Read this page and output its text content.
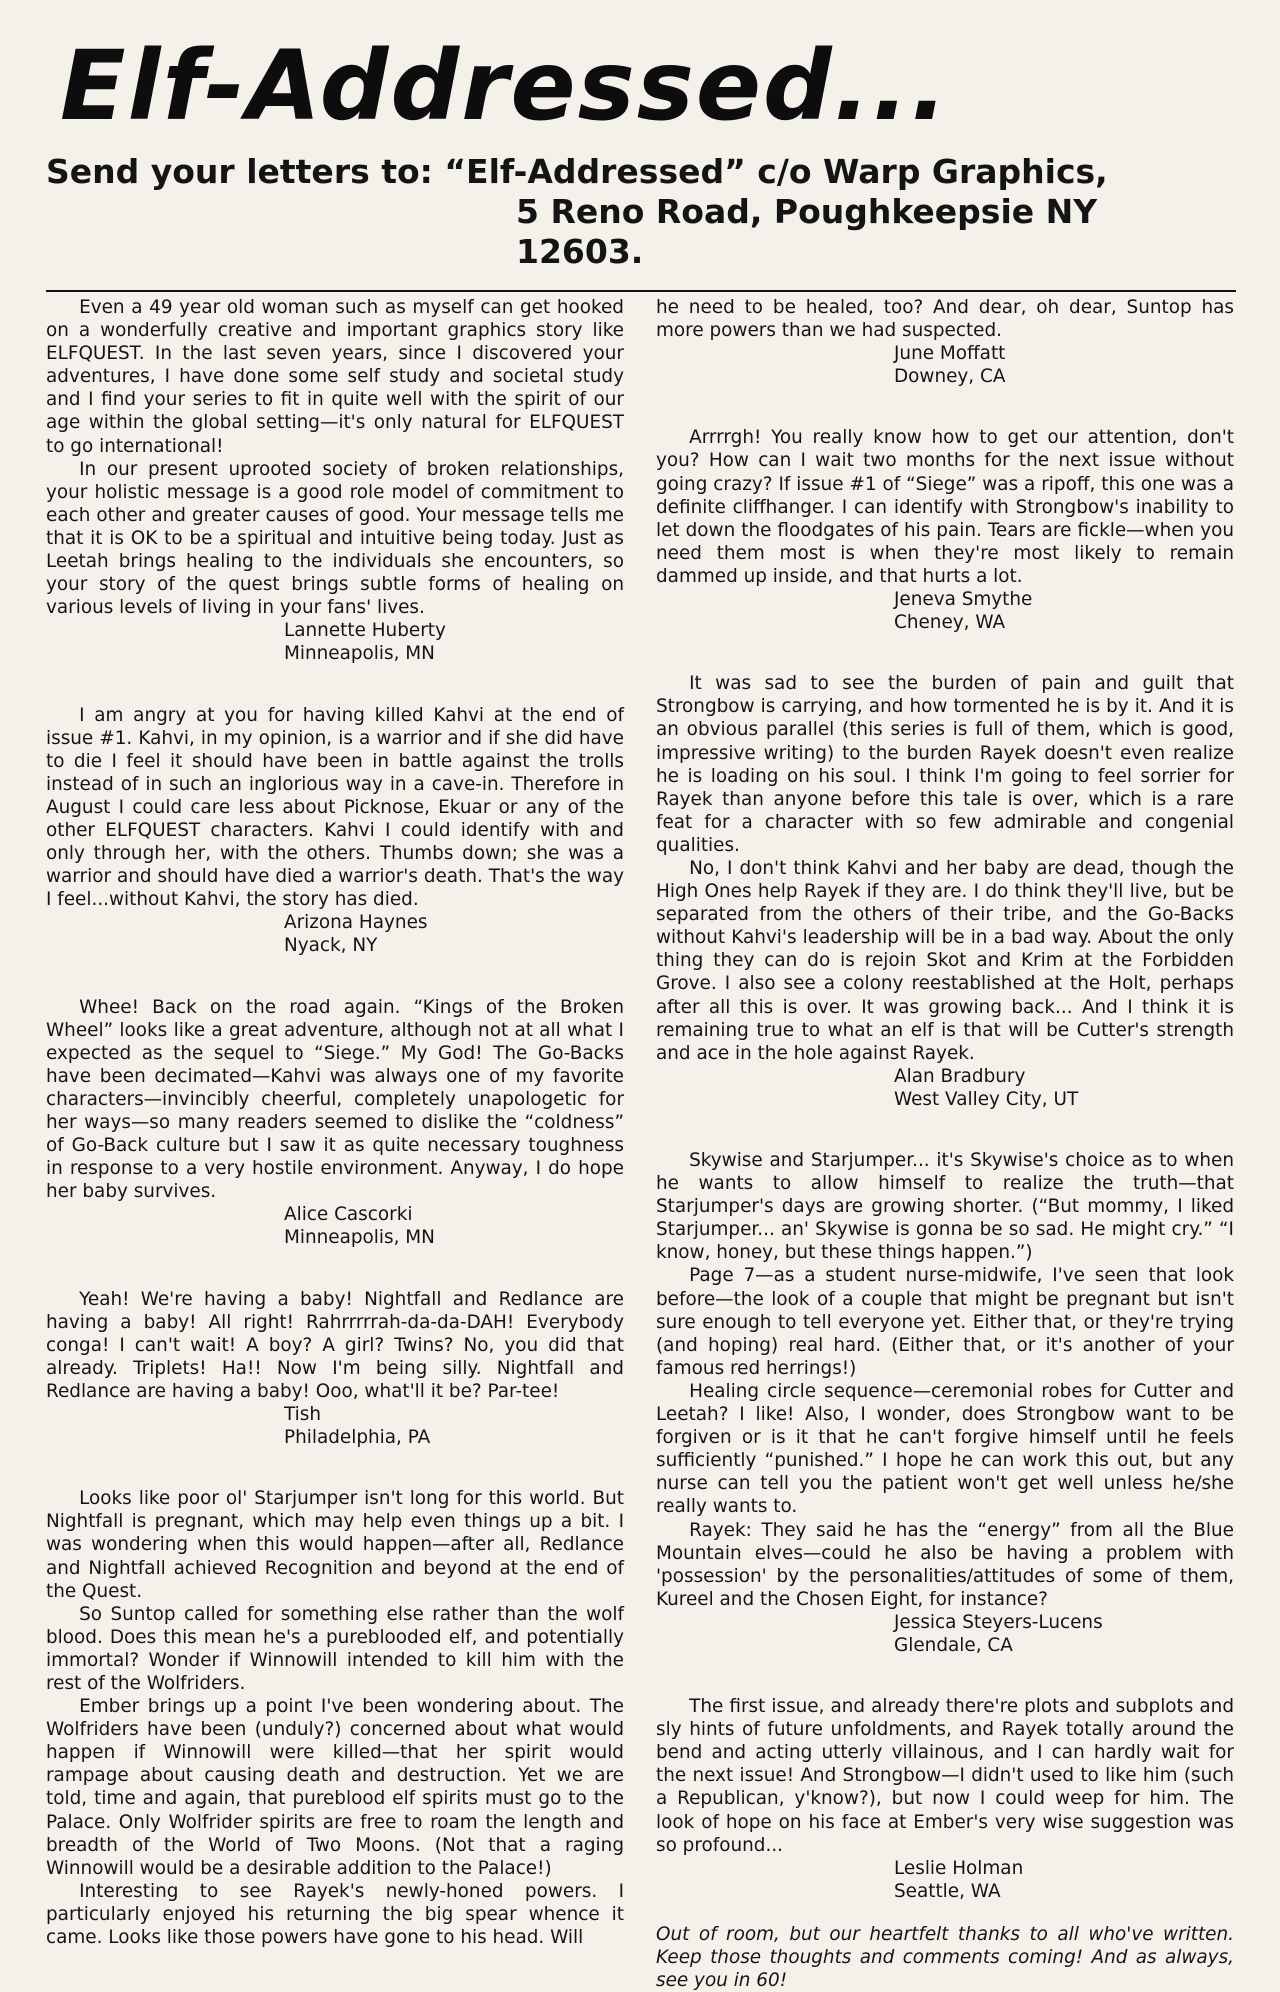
Elf-Addressed...
Send your letters to: “Elf-Addressed” c/o Warp Graphics,
5 Reno Road, Poughkeepsie NY 12603.

Even a 49 year old woman such as myself can get hooked on a wonderfully creative and important graphics story like ELFQUEST. In the last seven years, since I discovered your adventures, I have done some self study and societal study and I find your series to fit in quite well with the spirit of our age within the global setting—it's only natural for ELFQUEST to go international!

In our present uprooted society of broken relationships, your holistic message is a good role model of commitment to each other and greater causes of good. Your message tells me that it is OK to be a spiritual and intuitive being today. Just as Leetah brings healing to the individuals she encounters, so your story of the quest brings subtle forms of healing on various levels of living in your fans' lives.

Lannette Huberty
Minneapolis, MN

I am angry at you for having killed Kahvi at the end of issue #1. Kahvi, in my opinion, is a warrior and if she did have to die I feel it should have been in battle against the trolls instead of in such an inglorious way in a cave-in. Therefore in August I could care less about Picknose, Ekuar or any of the other ELFQUEST characters. Kahvi I could identify with and only through her, with the others. Thumbs down; she was a warrior and should have died a warrior's death. That's the way I feel...without Kahvi, the story has died.

Arizona Haynes
Nyack, NY

Whee! Back on the road again. “Kings of the Broken Wheel” looks like a great adventure, although not at all what I expected as the sequel to “Siege.” My God! The Go-Backs have been decimated—Kahvi was always one of my favorite characters—invincibly cheerful, completely unapologetic for her ways—so many readers seemed to dislike the “coldness” of Go-Back culture but I saw it as quite necessary toughness in response to a very hostile environment. Anyway, I do hope her baby survives.

Alice Cascorki
Minneapolis, MN

Yeah! We're having a baby! Nightfall and Redlance are having a baby! All right! Rahrrrrrah-da-da-DAH! Everybody conga! I can't wait! A boy? A girl? Twins? No, you did that already. Triplets! Ha!! Now I'm being silly. Nightfall and Redlance are having a baby! Ooo, what'll it be? Par-tee!

Tish
Philadelphia, PA

Looks like poor ol' Starjumper isn't long for this world. But Nightfall is pregnant, which may help even things up a bit. I was wondering when this would happen—after all, Redlance and Nightfall achieved Recognition and beyond at the end of the Quest.

So Suntop called for something else rather than the wolf blood. Does this mean he's a pureblooded elf, and potentially immortal? Wonder if Winnowill intended to kill him with the rest of the Wolfriders.

Ember brings up a point I've been wondering about. The Wolfriders have been (unduly?) concerned about what would happen if Winnowill were killed—that her spirit would rampage about causing death and destruction. Yet we are told, time and again, that pureblood elf spirits must go to the Palace. Only Wolfrider spirits are free to roam the length and breadth of the World of Two Moons. (Not that a raging Winnowill would be a desirable addition to the Palace!)

Interesting to see Rayek's newly-honed powers. I particularly enjoyed his returning the big spear whence it came. Looks like those powers have gone to his head. Will

he need to be healed, too? And dear, oh dear, Suntop has more powers than we had suspected.

June Moffatt
Downey, CA

Arrrrgh! You really know how to get our attention, don't you? How can I wait two months for the next issue without going crazy? If issue #1 of “Siege” was a ripoff, this one was a definite cliffhanger. I can identify with Strongbow's inability to let down the floodgates of his pain. Tears are fickle—when you need them most is when they're most likely to remain dammed up inside, and that hurts a lot.

Jeneva Smythe
Cheney, WA

It was sad to see the burden of pain and guilt that Strongbow is carrying, and how tormented he is by it. And it is an obvious parallel (this series is full of them, which is good, impressive writing) to the burden Rayek doesn't even realize he is loading on his soul. I think I'm going to feel sorrier for Rayek than anyone before this tale is over, which is a rare feat for a character with so few admirable and congenial qualities.

No, I don't think Kahvi and her baby are dead, though the High Ones help Rayek if they are. I do think they'll live, but be separated from the others of their tribe, and the Go-Backs without Kahvi's leadership will be in a bad way. About the only thing they can do is rejoin Skot and Krim at the Forbidden Grove. I also see a colony reestablished at the Holt, perhaps after all this is over. It was growing back... And I think it is remaining true to what an elf is that will be Cutter's strength and ace in the hole against Rayek.

Alan Bradbury
West Valley City, UT

Skywise and Starjumper... it's Skywise's choice as to when he wants to allow himself to realize the truth—that Starjumper's days are growing shorter. (“But mommy, I liked Starjumper... an' Skywise is gonna be so sad. He might cry.” “I know, honey, but these things happen.”)

Page 7—as a student nurse-midwife, I've seen that look before—the look of a couple that might be pregnant but isn't sure enough to tell everyone yet. Either that, or they're trying (and hoping) real hard. (Either that, or it's another of your famous red herrings!)

Healing circle sequence—ceremonial robes for Cutter and Leetah? I like! Also, I wonder, does Strongbow want to be forgiven or is it that he can't forgive himself until he feels sufficiently “punished.” I hope he can work this out, but any nurse can tell you the patient won't get well unless he/she really wants to.

Rayek: They said he has the “energy” from all the Blue Mountain elves—could he also be having a problem with 'possession' by the personalities/attitudes of some of them, Kureel and the Chosen Eight, for instance?

Jessica Steyers-Lucens
Glendale, CA

The first issue, and already there're plots and subplots and sly hints of future unfoldments, and Rayek totally around the bend and acting utterly villainous, and I can hardly wait for the next issue! And Strongbow—I didn't used to like him (such a Republican, y'know?), but now I could weep for him. The look of hope on his face at Ember's very wise suggestion was so profound...

Leslie Holman
Seattle, WA

Out of room, but our heartfelt thanks to all who've written. Keep those thoughts and comments coming! And as always, see you in 60!
